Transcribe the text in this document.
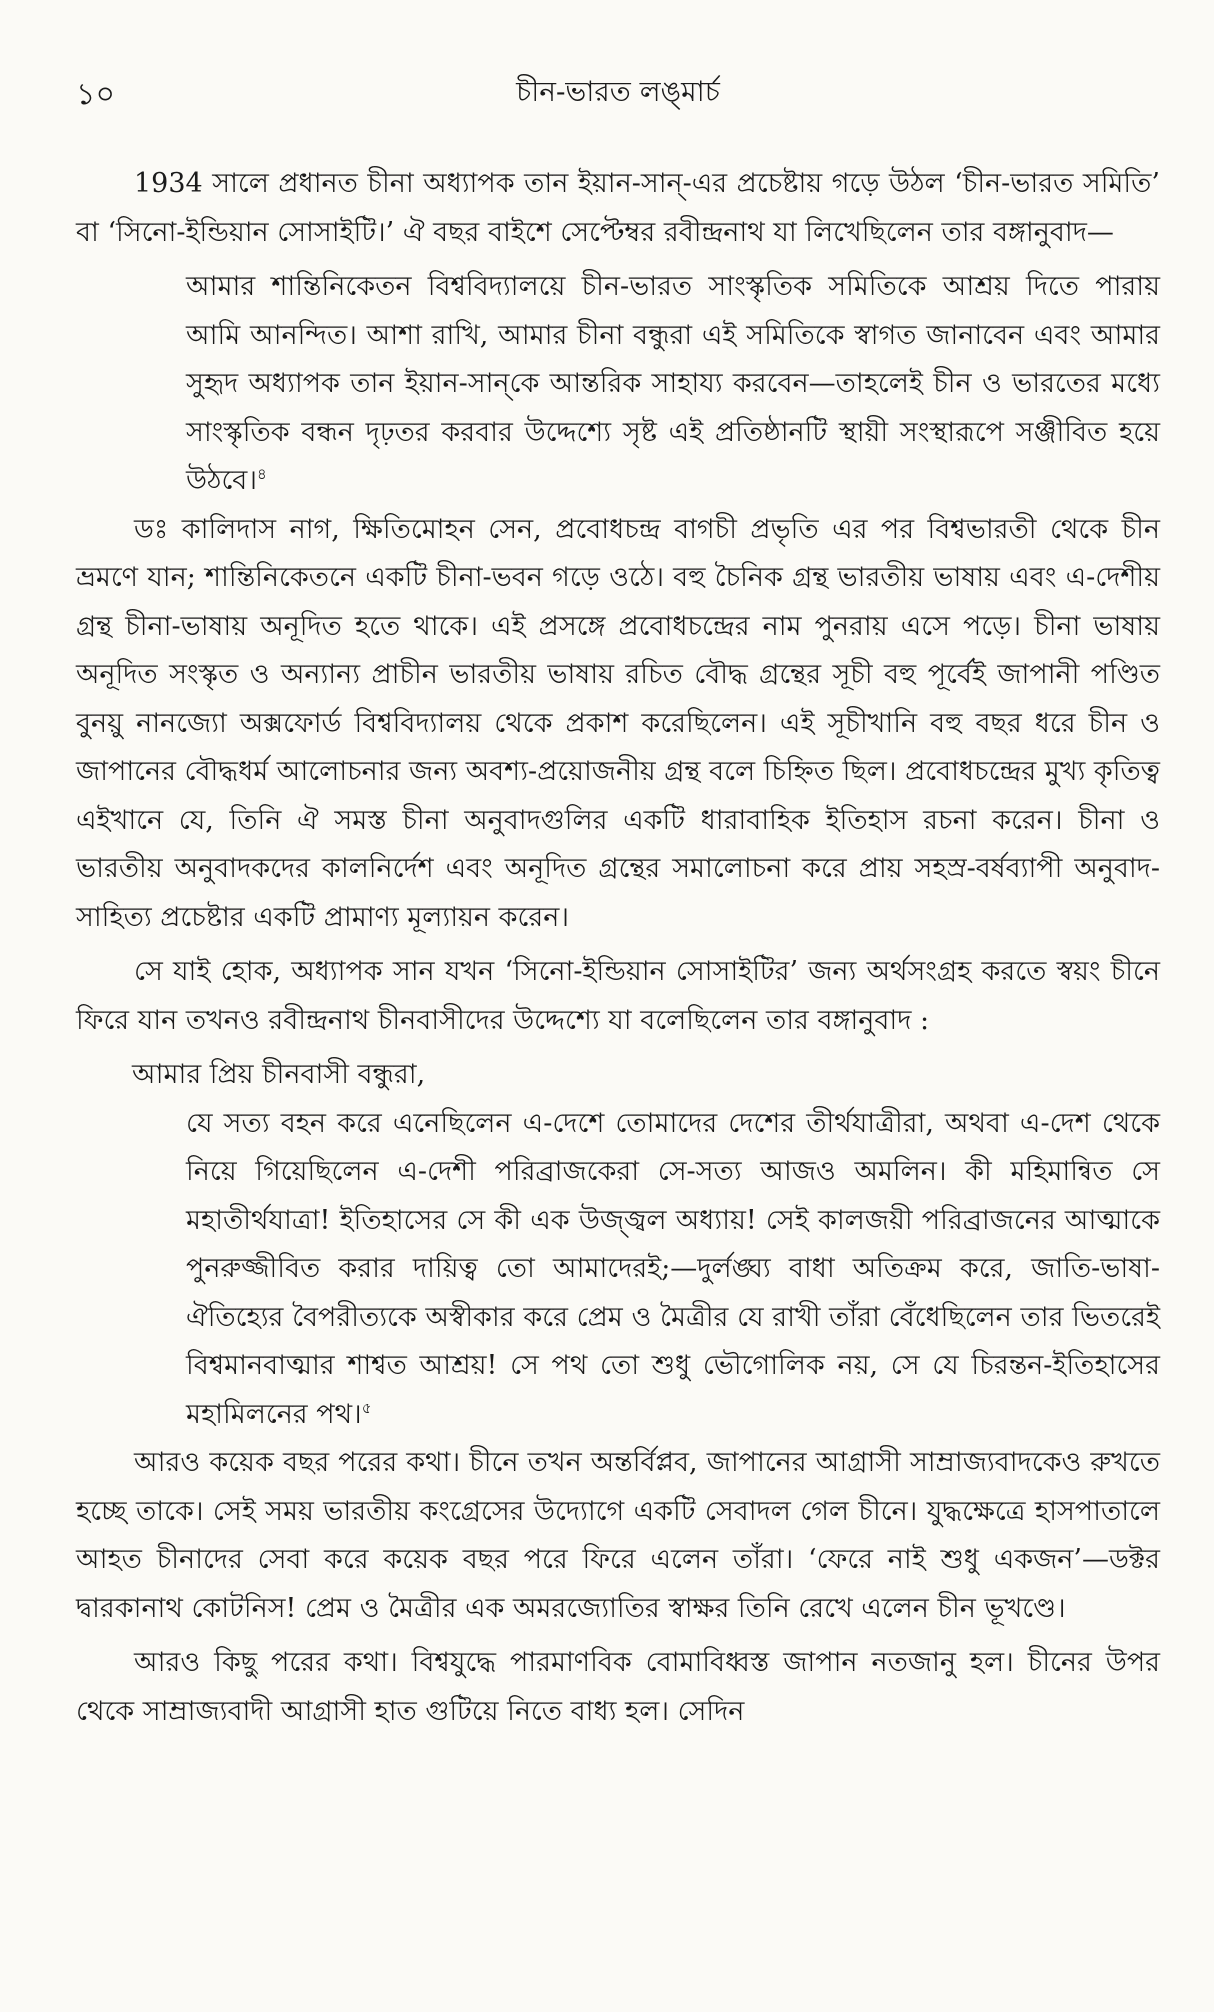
১০	চীন-ভারত লঙ্‌মার্চ

1934 সালে প্রধানত চীনা অধ্যাপক তান ইয়ান-সান্‌-এর প্রচেষ্টায় গড়ে উঠল ‘চীন-ভারত সমিতি’ বা ‘সিনো-ইন্ডিয়ান সোসাইটি।’ ঐ বছর বাইশে সেপ্টেম্বর রবীন্দ্রনাথ যা লিখেছিলেন তার বঙ্গানুবাদ—

আমার শান্তিনিকেতন বিশ্ববিদ্যালয়ে চীন-ভারত সাংস্কৃতিক সমিতিকে আশ্রয় দিতে পারায় আমি আনন্দিত। আশা রাখি, আমার চীনা বন্ধুরা এই সমিতিকে স্বাগত জানাবেন এবং আমার সুহৃদ অধ্যাপক তান ইয়ান-সান্‌কে আন্তরিক সাহায্য করবেন—তাহলেই চীন ও ভারতের মধ্যে সাংস্কৃতিক বন্ধন দৃঢ়তর করবার উদ্দেশ্যে সৃষ্ট এই প্রতিষ্ঠানটি স্থায়ী সংস্থারূপে সঞ্জীবিত হয়ে উঠবে।$^৪$

ডঃ কালিদাস নাগ, ক্ষিতিমোহন সেন, প্রবোধচন্দ্র বাগচী প্রভৃতি এর পর বিশ্বভারতী থেকে চীন ভ্রমণে যান; শান্তিনিকেতনে একটি চীনা-ভবন গড়ে ওঠে। বহু চৈনিক গ্রন্থ ভারতীয় ভাষায় এবং এ-দেশীয় গ্রন্থ চীনা-ভাষায় অনূদিত হতে থাকে। এই প্রসঙ্গে প্রবোধচন্দ্রের নাম পুনরায় এসে পড়ে। চীনা ভাষায় অনূদিত সংস্কৃত ও অন্যান্য প্রাচীন ভারতীয় ভাষায় রচিত বৌদ্ধ গ্রন্থের সূচী বহু পূর্বেই জাপানী পণ্ডিত বুনয়ু নানজ্যো অক্সফোর্ড বিশ্ববিদ্যালয় থেকে প্রকাশ করেছিলেন। এই সূচীখানি বহু বছর ধরে চীন ও জাপানের বৌদ্ধধর্ম আলোচনার জন্য অবশ্য-প্রয়োজনীয় গ্রন্থ বলে চিহ্নিত ছিল। প্রবোধচন্দ্রের মুখ্য কৃতিত্ব এইখানে যে, তিনি ঐ সমস্ত চীনা অনুবাদগুলির একটি ধারাবাহিক ইতিহাস রচনা করেন। চীনা ও ভারতীয় অনুবাদকদের কালনির্দেশ এবং অনূদিত গ্রন্থের সমালোচনা করে প্রায় সহস্র-বর্ষব্যাপী অনুবাদ-সাহিত্য প্রচেষ্টার একটি প্রামাণ্য মূল্যায়ন করেন।

সে যাই হোক, অধ্যাপক সান যখন ‘সিনো-ইন্ডিয়ান সোসাইটির’ জন্য অর্থসংগ্রহ করতে স্বয়ং চীনে ফিরে যান তখনও রবীন্দ্রনাথ চীনবাসীদের উদ্দেশ্যে যা বলেছিলেন তার বঙ্গানুবাদ :

আমার প্রিয় চীনবাসী বন্ধুরা,

যে সত্য বহন করে এনেছিলেন এ-দেশে তোমাদের দেশের তীর্থযাত্রীরা, অথবা এ-দেশ থেকে নিয়ে গিয়েছিলেন এ-দেশী পরিব্রাজকেরা সে-সত্য আজও অমলিন। কী মহিমান্বিত সে মহাতীর্থযাত্রা! ইতিহাসের সে কী এক উজ্জ্বল অধ্যায়! সেই কালজয়ী পরিব্রাজনের আত্মাকে পুনরুজ্জীবিত করার দায়িত্ব তো আমাদেরই;—দুর্লঙ্ঘ্য বাধা অতিক্রম করে, জাতি-ভাষা-ঐতিহ্যের বৈপরীত্যকে অস্বীকার করে প্রেম ও মৈত্রীর যে রাখী তাঁরা বেঁধেছিলেন তার ভিতরেই বিশ্বমানবাত্মার শাশ্বত আশ্রয়! সে পথ তো শুধু ভৌগোলিক নয়, সে যে চিরন্তন-ইতিহাসের মহামিলনের পথ।$^৫$

আরও কয়েক বছর পরের কথা। চীনে তখন অন্তর্বিপ্লব, জাপানের আগ্রাসী সাম্রাজ্যবাদকেও রুখতে হচ্ছে তাকে। সেই সময় ভারতীয় কংগ্রেসের উদ্যোগে একটি সেবাদল গেল চীনে। যুদ্ধক্ষেত্রে হাসপাতালে আহত চীনাদের সেবা করে কয়েক বছর পরে ফিরে এলেন তাঁরা। ‘ফেরে নাই শুধু একজন’—ডক্টর দ্বারকানাথ কোটনিস! প্রেম ও মৈত্রীর এক অমরজ্যোতির স্বাক্ষর তিনি রেখে এলেন চীন ভূখণ্ডে।

আরও কিছু পরের কথা। বিশ্বযুদ্ধে পারমাণবিক বোমাবিধ্বস্ত জাপান নতজানু হল। চীনের উপর থেকে সাম্রাজ্যবাদী আগ্রাসী হাত গুটিয়ে নিতে বাধ্য হল। সেদিন
